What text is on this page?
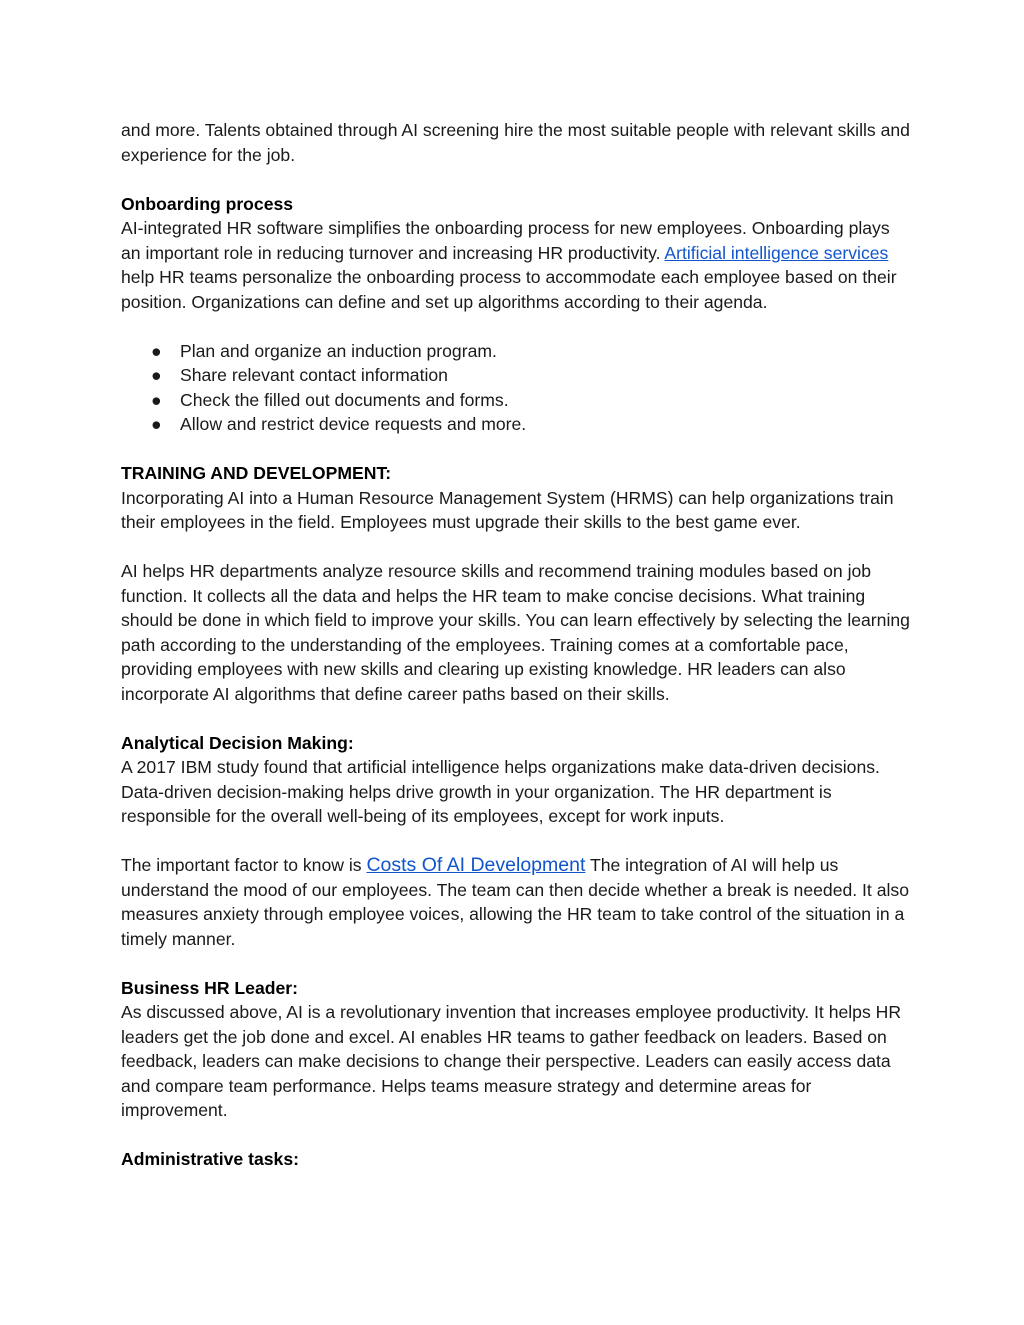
and more. Talents obtained through AI screening hire the most suitable people with relevant skills and experience for the job.

Onboarding process

AI-integrated HR software simplifies the onboarding process for new employees. Onboarding plays an important role in reducing turnover and increasing HR productivity. Artificial intelligence services help HR teams personalize the onboarding process to accommodate each employee based on their position. Organizations can define and set up algorithms according to their agenda.

● Plan and organize an induction program.
● Share relevant contact information
● Check the filled out documents and forms.
● Allow and restrict device requests and more.

TRAINING AND DEVELOPMENT:

Incorporating AI into a Human Resource Management System (HRMS) can help organizations train their employees in the field. Employees must upgrade their skills to the best game ever.

AI helps HR departments analyze resource skills and recommend training modules based on job function. It collects all the data and helps the HR team to make concise decisions. What training should be done in which field to improve your skills. You can learn effectively by selecting the learning path according to the understanding of the employees. Training comes at a comfortable pace, providing employees with new skills and clearing up existing knowledge. HR leaders can also incorporate AI algorithms that define career paths based on their skills.

Analytical Decision Making:

A 2017 IBM study found that artificial intelligence helps organizations make data-driven decisions. Data-driven decision-making helps drive growth in your organization. The HR department is responsible for the overall well-being of its employees, except for work inputs.

The important factor to know is Costs Of AI Development The integration of AI will help us understand the mood of our employees. The team can then decide whether a break is needed. It also measures anxiety through employee voices, allowing the HR team to take control of the situation in a timely manner.

Business HR Leader:

As discussed above, AI is a revolutionary invention that increases employee productivity. It helps HR leaders get the job done and excel. AI enables HR teams to gather feedback on leaders. Based on feedback, leaders can make decisions to change their perspective. Leaders can easily access data and compare team performance. Helps teams measure strategy and determine areas for improvement.

Administrative tasks:
